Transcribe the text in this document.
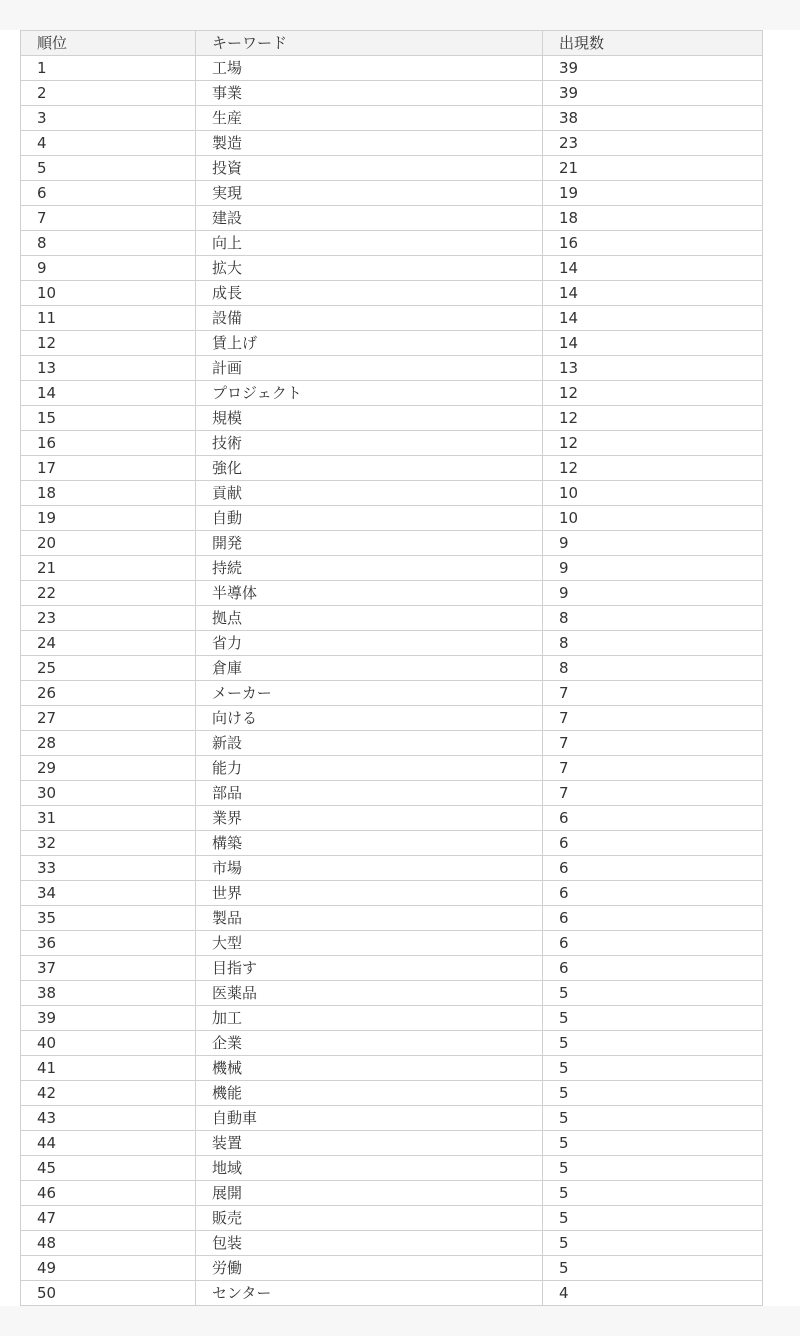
順位	キーワード	出現数
1	工場	39
2	事業	39
3	生産	38
4	製造	23
5	投資	21
6	実現	19
7	建設	18
8	向上	16
9	拡大	14
10	成長	14
11	設備	14
12	賃上げ	14
13	計画	13
14	プロジェクト	12
15	規模	12
16	技術	12
17	強化	12
18	貢献	10
19	自動	10
20	開発	9
21	持続	9
22	半導体	9
23	拠点	8
24	省力	8
25	倉庫	8
26	メーカー	7
27	向ける	7
28	新設	7
29	能力	7
30	部品	7
31	業界	6
32	構築	6
33	市場	6
34	世界	6
35	製品	6
36	大型	6
37	目指す	6
38	医薬品	5
39	加工	5
40	企業	5
41	機械	5
42	機能	5
43	自動車	5
44	装置	5
45	地域	5
46	展開	5
47	販売	5
48	包装	5
49	労働	5
50	センター	4
